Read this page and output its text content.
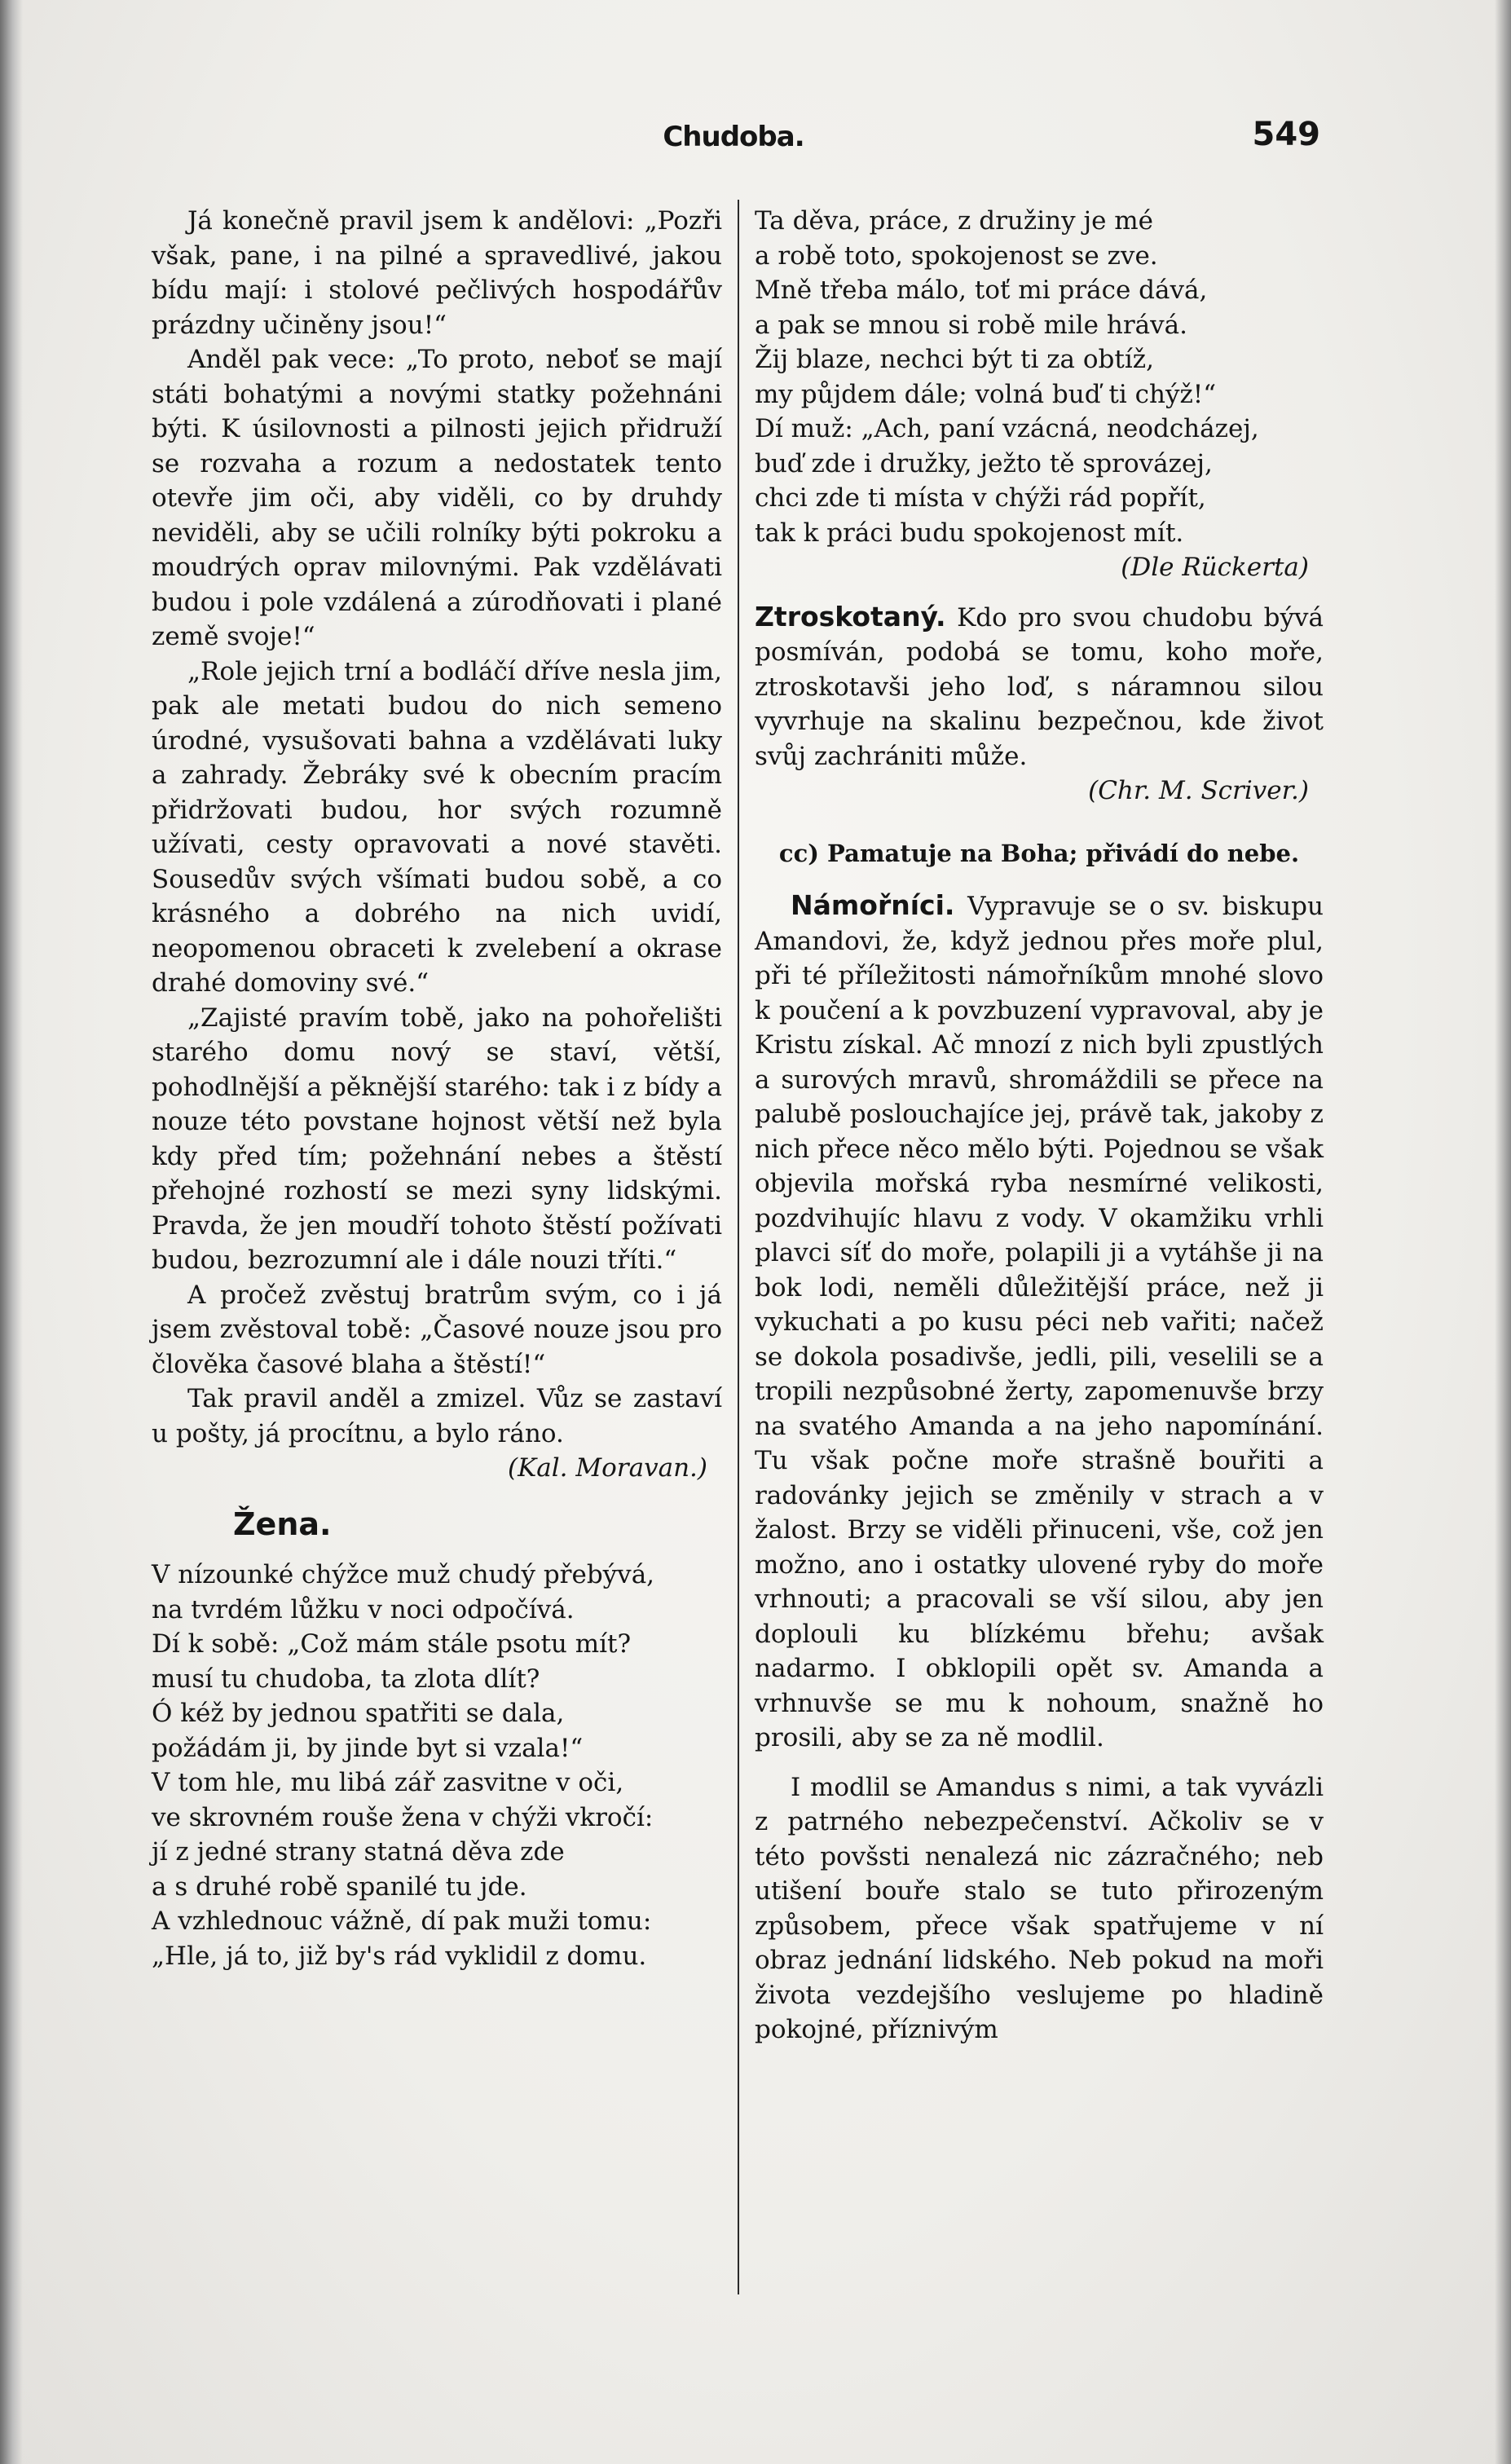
Chudoba.	549

Já konečně pravil jsem k andělovi: „Pozři však, pane, i na pilné a spravedlivé, jakou bídu mají: i stolové pečlivých hospodářův prázdny učiněny jsou!“

Anděl pak vece: „To proto, neboť se mají státi bohatými a novými statky požehnáni býti. K úsilovnosti a pilnosti jejich přidruží se rozvaha a rozum a nedostatek tento otevře jim oči, aby viděli, co by druhdy neviděli, aby se učili rolníky býti pokroku a moudrých oprav milovnými. Pak vzdělávati budou i pole vzdálená a zúrodňovati i plané země svoje!“

„Role jejich trní a bodláčí dříve nesla jim, pak ale metati budou do nich semeno úrodné, vysušovati bahna a vzdělávati luky a zahrady. Žebráky své k obecním pracím přidržovati budou, hor svých rozumně užívati, cesty opravovati a nové stavěti. Sousedův svých všímati budou sobě, a co krásného a dobrého na nich uvidí, neopomenou obraceti k zvelebení a okrase drahé domoviny své.“

„Zajisté pravím tobě, jako na pohořelišti starého domu nový se staví, větší, pohodlnější a pěknější starého: tak i z bídy a nouze této povstane hojnost větší než byla kdy před tím; požehnání nebes a štěstí přehojné rozhostí se mezi syny lidskými. Pravda, že jen moudří tohoto štěstí požívati budou, bezrozumní ale i dále nouzi tříti.“

A pročež zvěstuj bratrům svým, co i já jsem zvěstoval tobě: „Časové nouze jsou pro člověka časové blaha a štěstí!“

Tak pravil anděl a zmizel. Vůz se zastaví u pošty, já procítnu, a bylo ráno.

(Kal. Moravan.)

Žena.

V nízounké chýžce muž chudý přebývá,

na tvrdém lůžku v noci odpočívá.

Dí k sobě: „Což mám stále psotu mít?

musí tu chudoba, ta zlota dlít?

Ó kéž by jednou spatřiti se dala,

požádám ji, by jinde byt si vzala!“

V tom hle, mu libá zář zasvitne v oči,

ve skrovném rouše žena v chýži vkročí:

jí z jedné strany statná děva zde

a s druhé robě spanilé tu jde.

A vzhlednouc vážně, dí pak muži tomu:

„Hle, já to, již by's rád vyklidil z domu.

Ta děva, práce, z družiny je mé

a robě toto, spokojenost se zve.

Mně třeba málo, toť mi práce dává,

a pak se mnou si robě mile hrává.

Žij blaze, nechci být ti za obtíž,

my půjdem dále; volná buď ti chýž!“

Dí muž: „Ach, paní vzácná, neodcházej,

buď zde i družky, ježto tě sprovázej,

chci zde ti místa v chýži rád popřít,

tak k práci budu spokojenost mít.

(Dle Rückerta)

Ztroskotaný. Kdo pro svou chudobu bývá posmíván, podobá se tomu, koho moře, ztroskotavši jeho loď, s náramnou silou vyvrhuje na skalinu bezpečnou, kde život svůj zachrániti může.

(Chr. M. Scriver.)

cc) Pamatuje na Boha; přivádí do nebe.

Námořníci. Vypravuje se o sv. biskupu Amandovi, že, když jednou přes moře plul, při té příležitosti námořníkům mnohé slovo k poučení a k povzbuzení vypravoval, aby je Kristu získal. Ač mnozí z nich byli zpustlých a surových mravů, shromáždili se přece na palubě poslouchajíce jej, právě tak, jakoby z nich přece něco mělo býti. Pojednou se však objevila mořská ryba nesmírné velikosti, pozdvihujíc hlavu z vody. V okamžiku vrhli plavci síť do moře, polapili ji a vytáhše ji na bok lodi, neměli důležitější práce, než ji vykuchati a po kusu péci neb vařiti; načež se dokola posadivše, jedli, pili, veselili se a tropili nezpůsobné žerty, zapomenuvše brzy na svatého Amanda a na jeho napomínání. Tu však počne moře strašně bouřiti a radovánky jejich se změnily v strach a v žalost. Brzy se viděli přinuceni, vše, což jen možno, ano i ostatky ulovené ryby do moře vrhnouti; a pracovali se vší silou, aby jen doplouli ku blízkému břehu; avšak nadarmo. I obklopili opět sv. Amanda a vrhnuvše se mu k nohoum, snažně ho prosili, aby se za ně modlil.

I modlil se Amandus s nimi, a tak vyvázli z patrného nebezpečenství. Ačkoliv se v této povšsti nenalezá nic zázračného; neb utišení bouře stalo se tuto přirozeným způsobem, přece však spatřujeme v ní obraz jednání lidského. Neb pokud na moři života vezdejšího veslujeme po hladině pokojné, příznivým
